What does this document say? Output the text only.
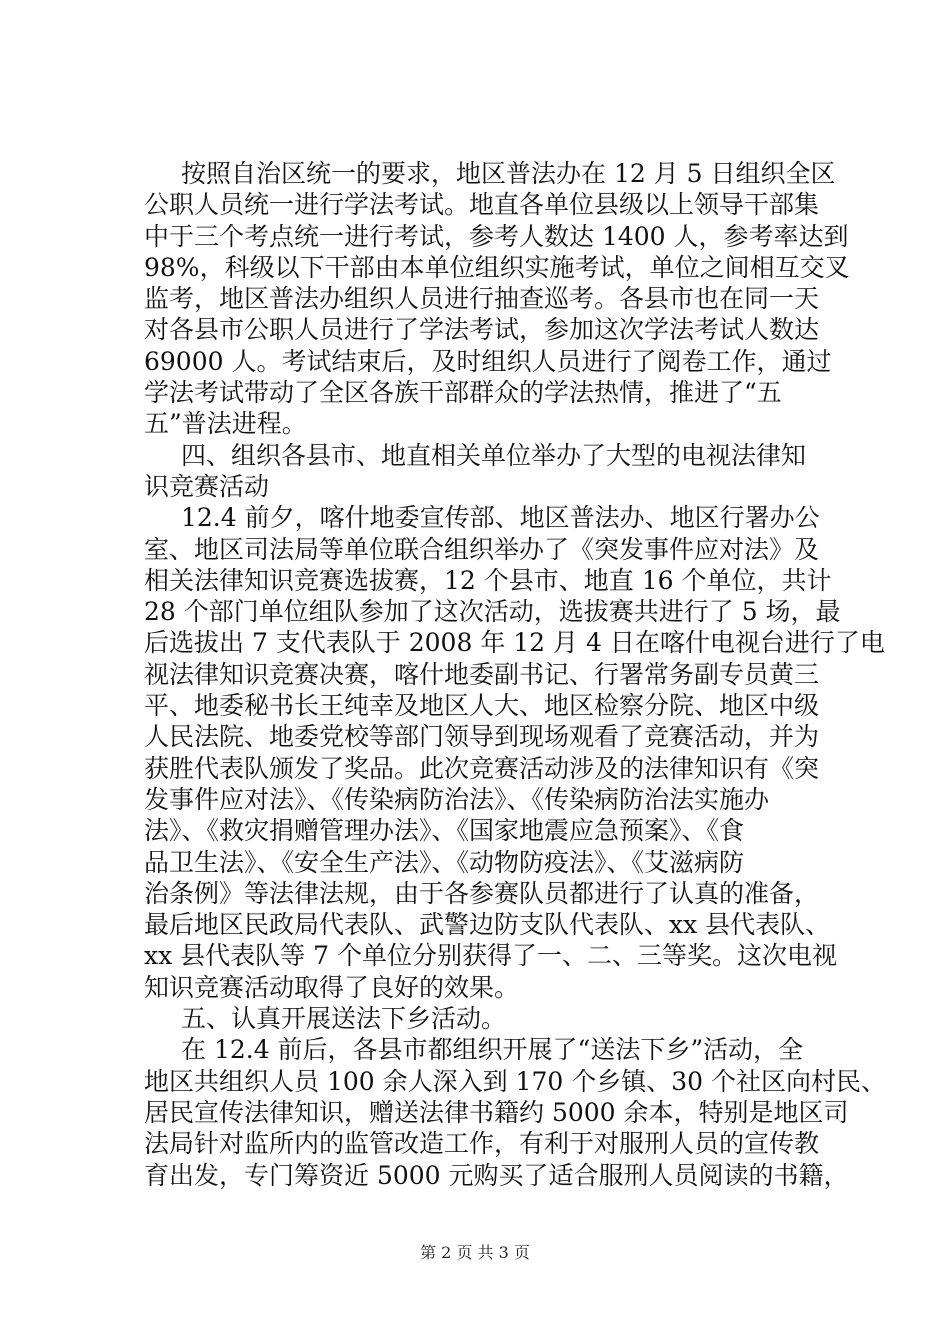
按照自治区统一的要求，地区普法办在 12 月 5 日组织全区
公职人员统一进行学法考试。地直各单位县级以上领导干部集
中于三个考点统一进行考试，参考人数达 1400 人，参考率达到
98%，科级以下干部由本单位组织实施考试，单位之间相互交叉
监考，地区普法办组织人员进行抽查巡考。各县市也在同一天
对各县市公职人员进行了学法考试，参加这次学法考试人数达
69000 人。考试结束后，及时组织人员进行了阅卷工作，通过
学法考试带动了全区各族干部群众的学法热情，推进了“五
五”普法进程。
四、组织各县市、地直相关单位举办了大型的电视法律知
识竞赛活动
12.4 前夕，喀什地委宣传部、地区普法办、地区行署办公
室、地区司法局等单位联合组织举办了《突发事件应对法》及
相关法律知识竞赛选拔赛，12 个县市、地直 16 个单位，共计
28 个部门单位组队参加了这次活动，选拔赛共进行了 5 场，最
后选拔出 7 支代表队于 2008 年 12 月 4 日在喀什电视台进行了电
视法律知识竞赛决赛，喀什地委副书记、行署常务副专员黄三
平、地委秘书长王纯幸及地区人大、地区检察分院、地区中级
人民法院、地委党校等部门领导到现场观看了竞赛活动，并为
获胜代表队颁发了奖品。此次竞赛活动涉及的法律知识有《突
发事件应对法》、《传染病防治法》、《传染病防治法实施办
法》、《救灾捐赠管理办法》、《国家地震应急预案》、《食
品卫生法》、《安全生产法》、《动物防疫法》、《艾滋病防
治条例》等法律法规，由于各参赛队员都进行了认真的准备，
最后地区民政局代表队、武警边防支队代表队、xx 县代表队、
xx 县代表队等 7 个单位分别获得了一、二、三等奖。这次电视
知识竞赛活动取得了良好的效果。
五、认真开展送法下乡活动。
在 12.4 前后，各县市都组织开展了“送法下乡”活动，全
地区共组织人员 100 余人深入到 170 个乡镇、30 个社区向村民、
居民宣传法律知识，赠送法律书籍约 5000 余本，特别是地区司
法局针对监所内的监管改造工作，有利于对服刑人员的宣传教
育出发，专门筹资近 5000 元购买了适合服刑人员阅读的书籍，
第 2 页 共 3 页
